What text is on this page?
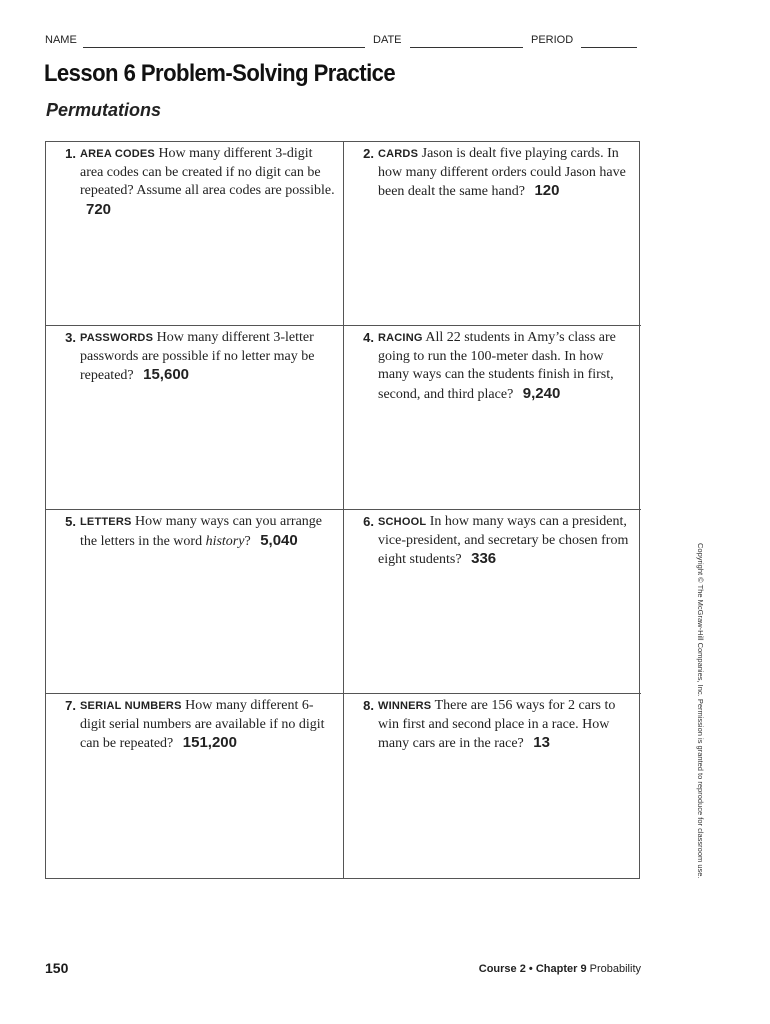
NAME	DATE	PERIOD
Lesson 6 Problem-Solving Practice
Permutations

1. AREA CODES How many different 3-digit area codes can be created if no digit can be repeated? Assume all area codes are possible. 720

2. CARDS Jason is dealt five playing cards. In how many different orders could Jason have been dealt the same hand? 120

3. PASSWORDS How many different 3-letter passwords are possible if no letter may be repeated? 15,600

4. RACING All 22 students in Amy’s class are going to run the 100-meter dash. In how many ways can the students finish in first, second, and third place? 9,240

5. LETTERS How many ways can you arrange the letters in the word history? 5,040

6. SCHOOL In how many ways can a president, vice-president, and secretary be chosen from eight students? 336

7. SERIAL NUMBERS How many different 6-digit serial numbers are available if no digit can be repeated? 151,200

8. WINNERS There are 156 ways for 2 cars to win first and second place in a race. How many cars are in the race? 13	Copyright © The McGraw-Hill Companies, Inc. Permission is granted to reproduce for classroom use.
150	Course 2 • Chapter 9 Probability
